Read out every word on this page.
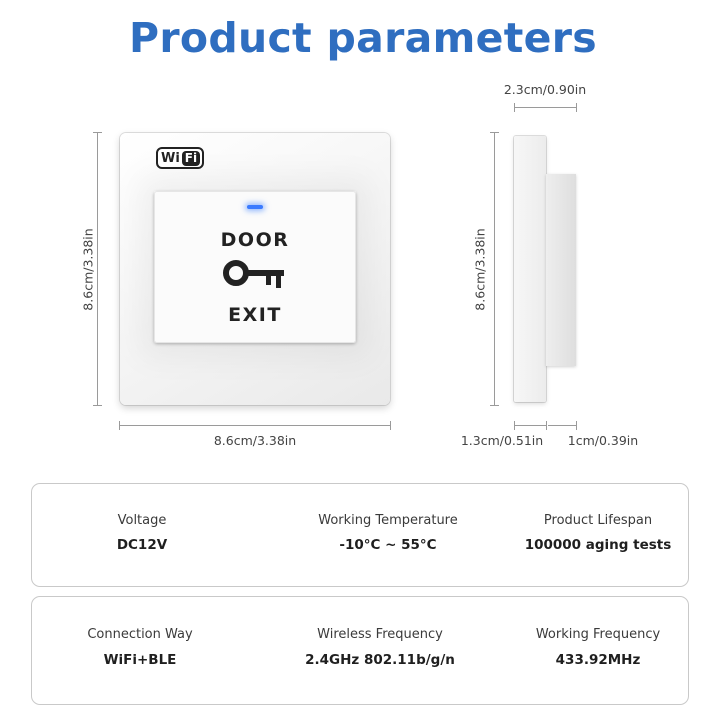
Product parameters
8.6cm/3.38in
8.6cm/3.38in
Wi Fi
DOOR
EXIT
2.3cm/0.90in
8.6cm/3.38in
1.3cm/0.51in	1cm/0.39in
Voltage
DC12V
Working Temperature
-10°C ~ 55°C
Product Lifespan
100000 aging tests
Connection Way
WiFi+BLE
Wireless Frequency
2.4GHz 802.11b/g/n
Working Frequency
433.92MHz
